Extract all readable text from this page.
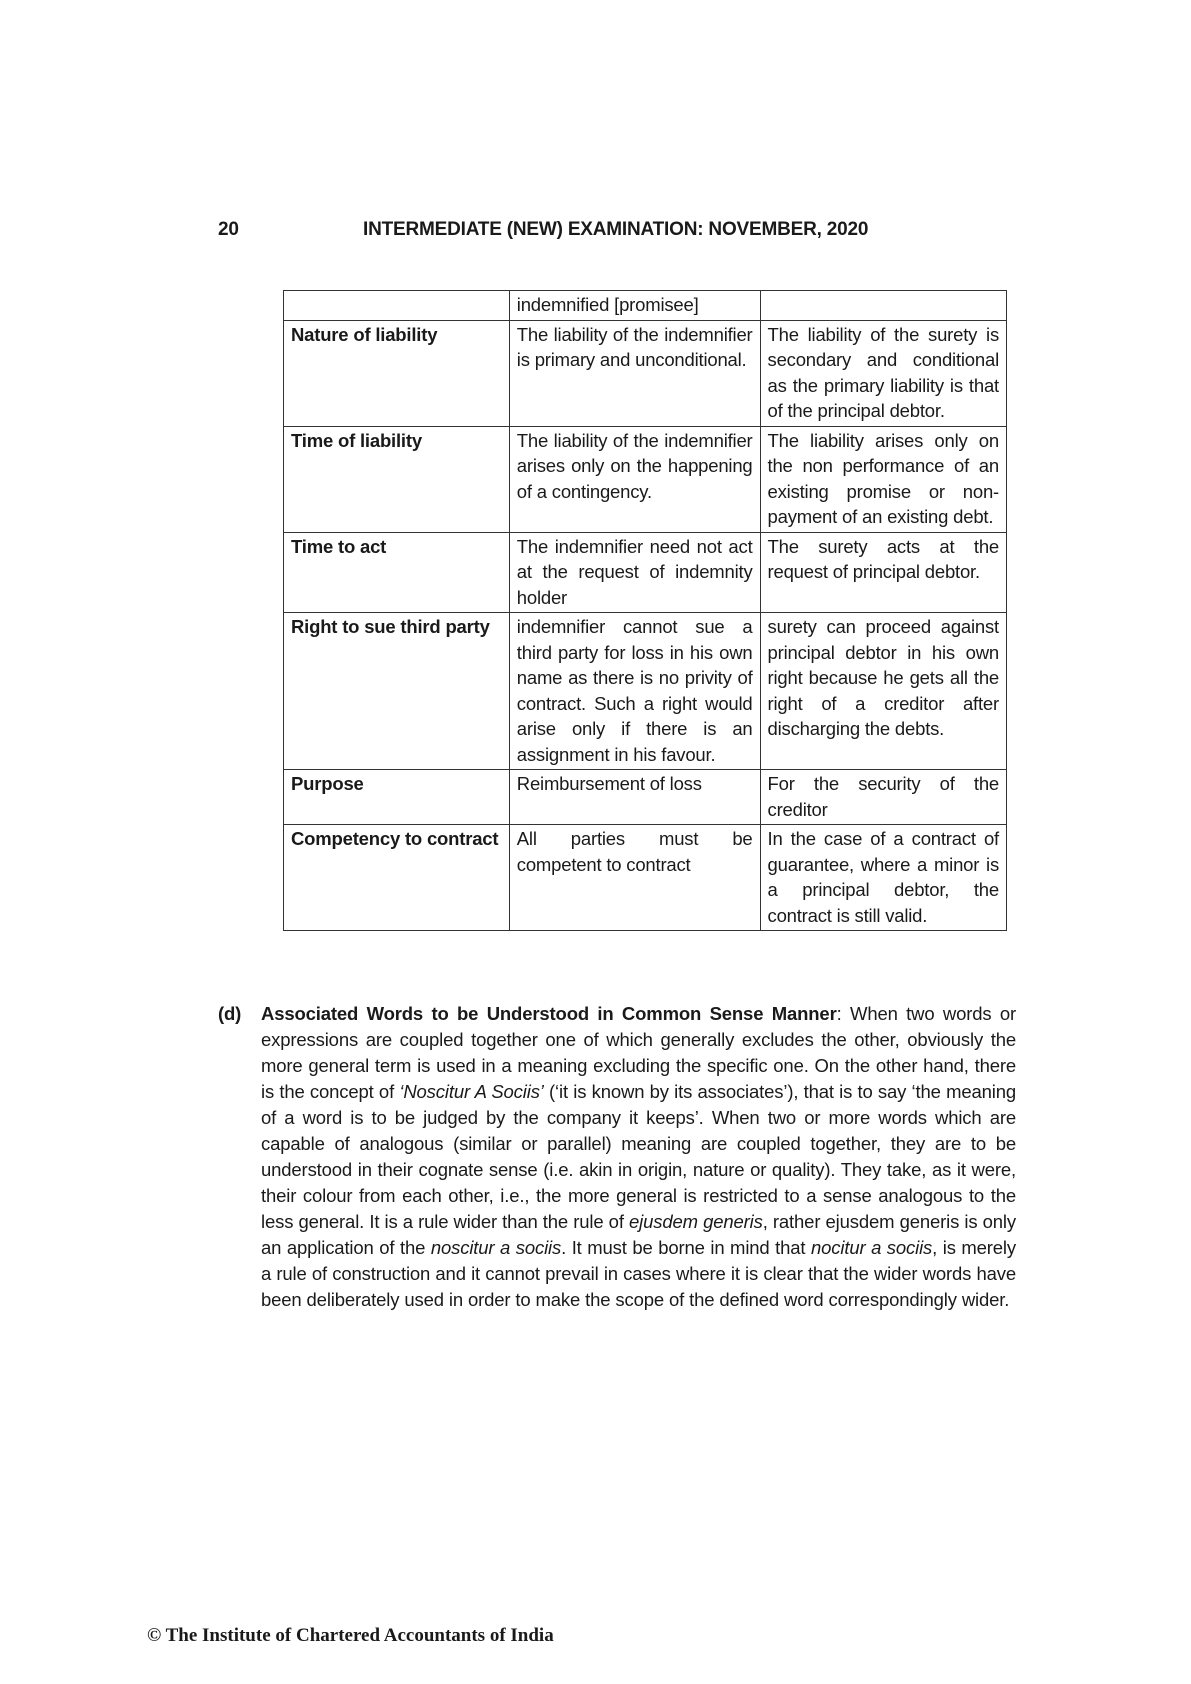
20	INTERMEDIATE (NEW) EXAMINATION: NOVEMBER, 2020
	indemnified [promisee]	
Nature of liability	The liability of the indemnifier is primary and unconditional.	The liability of the surety is secondary and conditional as the primary liability is that of the principal debtor.
Time of liability	The liability of the indemnifier arises only on the happening of a contingency.	The liability arises only on the non performance of an existing promise or non-payment of an existing debt.
Time to act	The indemnifier need not act at the request of indemnity holder	The surety acts at the request of principal debtor.
Right to sue third party	indemnifier cannot sue a third party for loss in his own name as there is no privity of contract. Such a right would arise only if there is an assignment in his favour.	surety can proceed against principal debtor in his own right because he gets all the right of a creditor after discharging the debts.
Purpose	Reimbursement of loss	For the security of the creditor
Competency to contract	All parties must be competent to contract	In the case of a contract of guarantee, where a minor is a principal debtor, the contract is still valid.
(d) Associated Words to be Understood in Common Sense Manner: When two words or expressions are coupled together one of which generally excludes the other, obviously the more general term is used in a meaning excluding the specific one. On the other hand, there is the concept of ‘Noscitur A Sociis’ (‘it is known by its associates’), that is to say ‘the meaning of a word is to be judged by the company it keeps’. When two or more words which are capable of analogous (similar or parallel) meaning are coupled together, they are to be understood in their cognate sense (i.e. akin in origin, nature or quality). They take, as it were, their colour from each other, i.e., the more general is restricted to a sense analogous to the less general. It is a rule wider than the rule of ejusdem generis, rather ejusdem generis is only an application of the noscitur a sociis. It must be borne in mind that nocitur a sociis, is merely a rule of construction and it cannot prevail in cases where it is clear that the wider words have been deliberately used in order to make the scope of the defined word correspondingly wider.
© The Institute of Chartered Accountants of India
